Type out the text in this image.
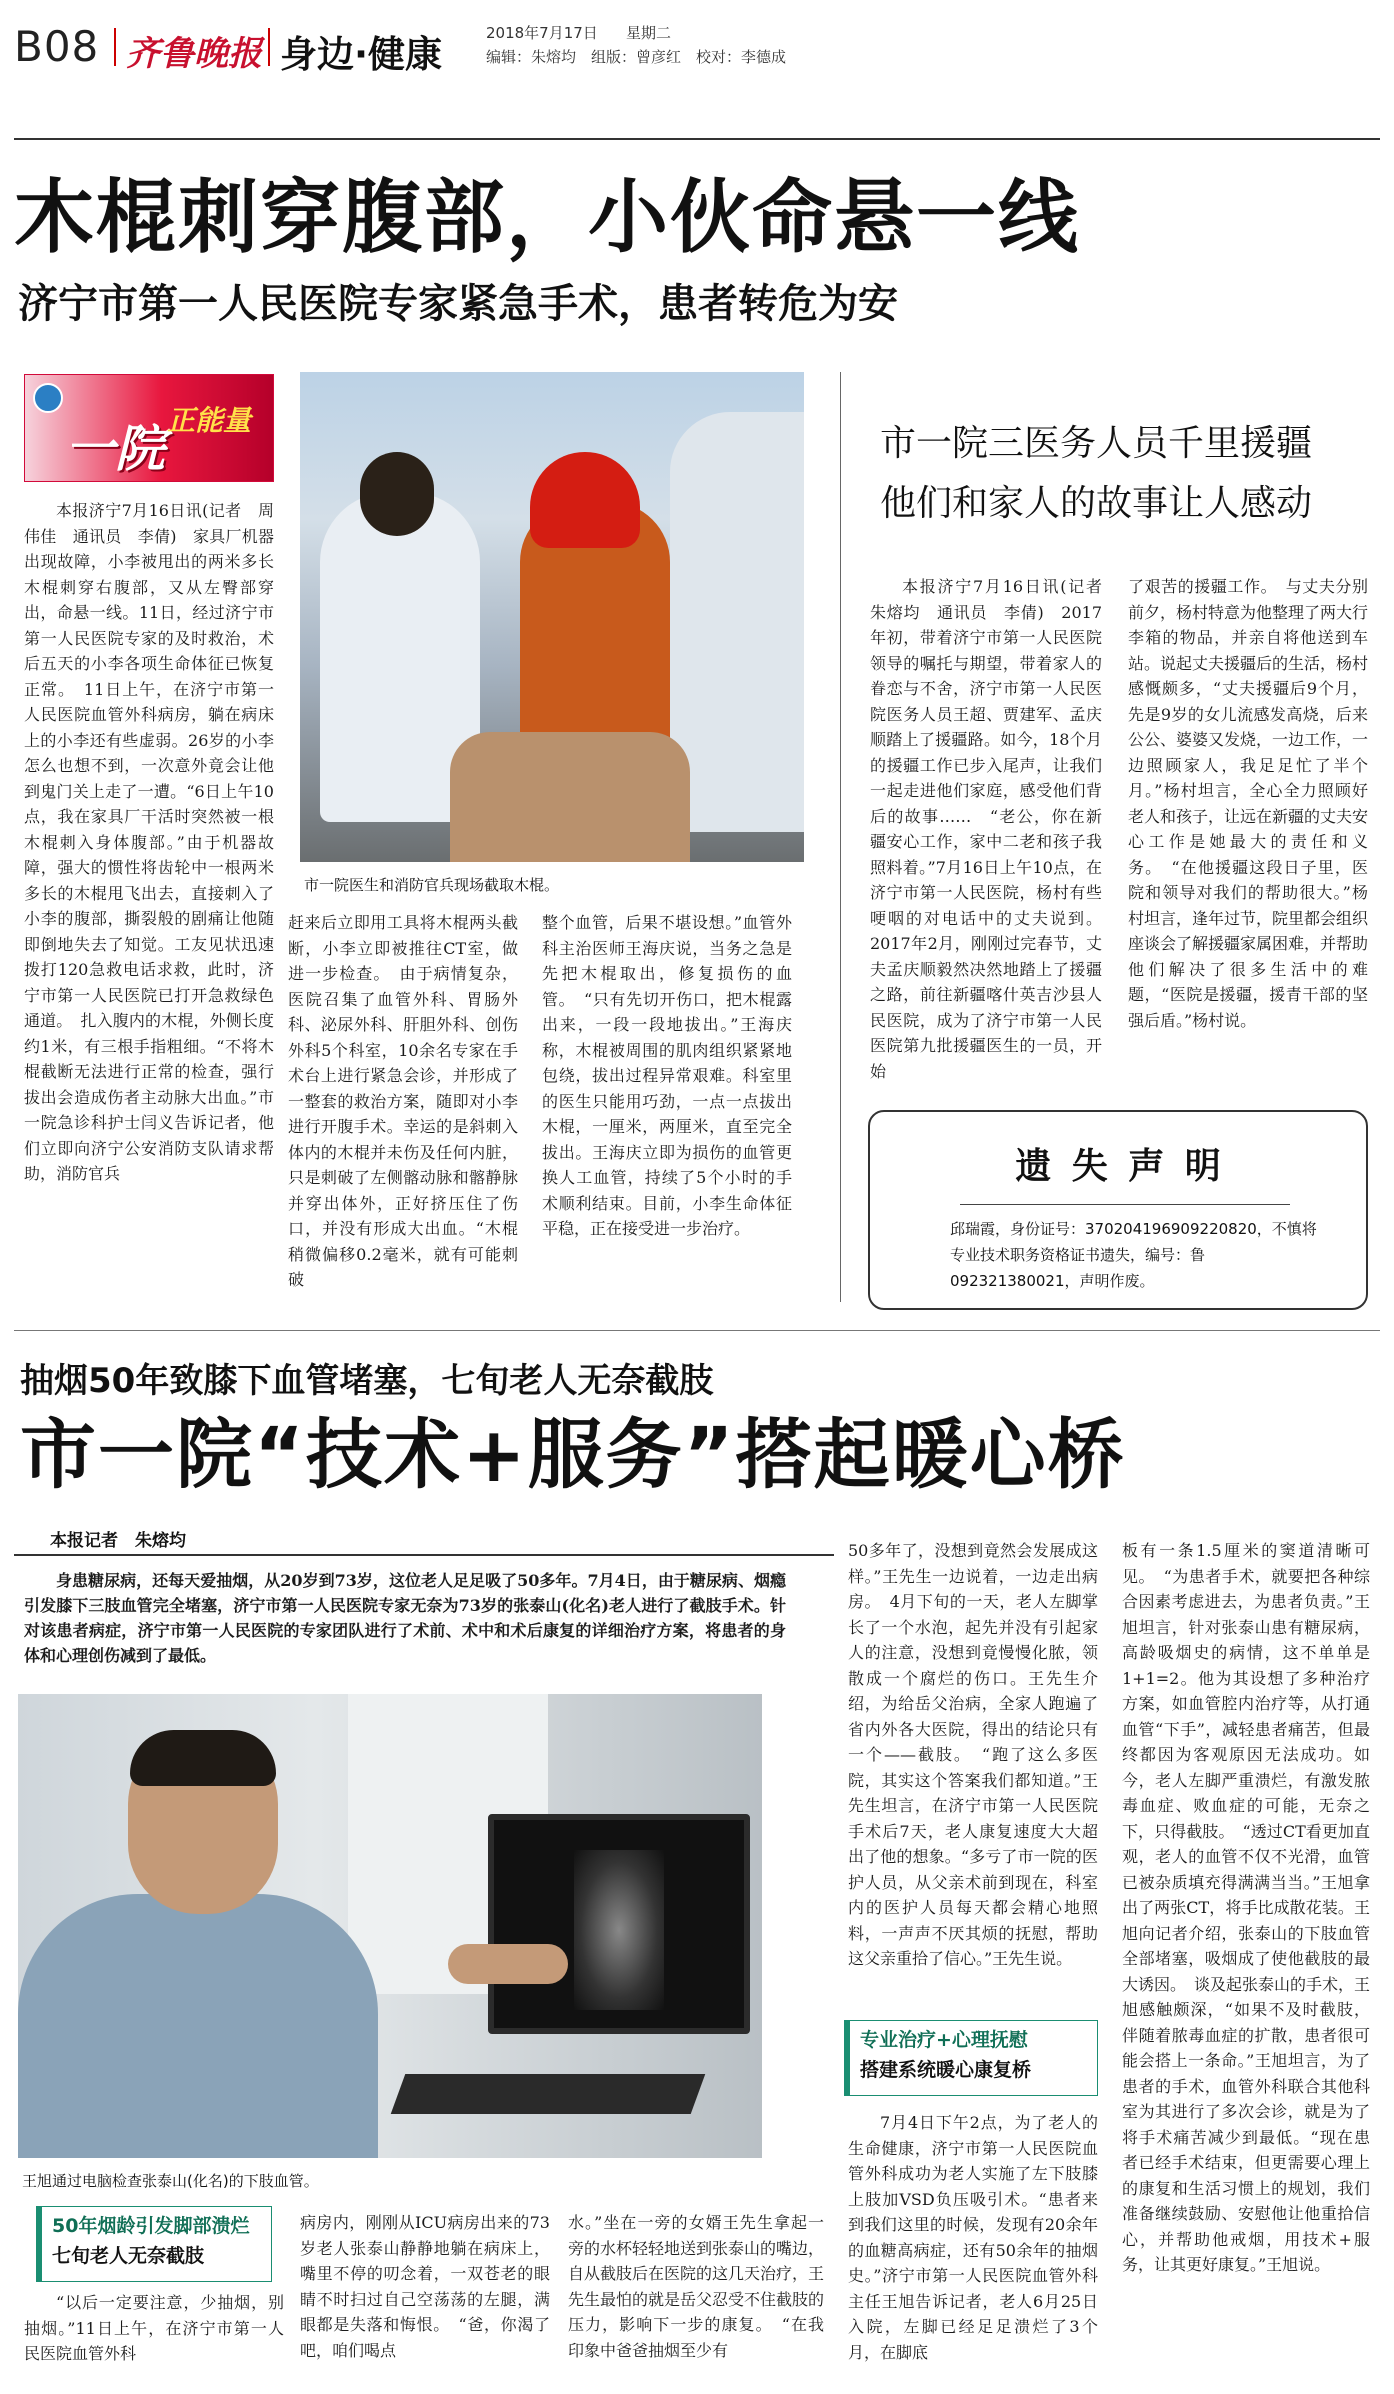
B08 齐鲁晚报 身边·健康	2018年7月17日 星期二
编辑：朱熔均　组版：曾彦红　校对：李德成
木棍刺穿腹部，小伙命悬一线
济宁市第一人民医院专家紧急手术，患者转危为安
一院 正能量
市一院医生和消防官兵现场截取木棍。

本报济宁7月16日讯(记者　周伟佳　通讯员　李倩)　家具厂机器出现故障，小李被甩出的两米多长木棍刺穿右腹部，又从左臀部穿出，命悬一线。11日，经过济宁市第一人民医院专家的及时救治，术后五天的小李各项生命体征已恢复正常。　11日上午，在济宁市第一人民医院血管外科病房，躺在病床上的小李还有些虚弱。26岁的小李怎么也想不到，一次意外竟会让他到鬼门关上走了一遭。“6日上午10点，我在家具厂干活时突然被一根木棍刺入身体腹部。”由于机器故障，强大的惯性将齿轮中一根两米多长的木棍甩飞出去，直接刺入了小李的腹部，撕裂般的剧痛让他随即倒地失去了知觉。工友见状迅速拨打120急救电话求救，此时，济宁市第一人民医院已打开急救绿色通道。　扎入腹内的木棍，外侧长度约1米，有三根手指粗细。“不将木棍截断无法进行正常的检查，强行拔出会造成伤者主动脉大出血。”市一院急诊科护士闫义告诉记者，他们立即向济宁公安消防支队请求帮助，消防官兵

赶来后立即用工具将木棍两头截断，小李立即被推往CT室，做进一步检查。　由于病情复杂，医院召集了血管外科、胃肠外科、泌尿外科、肝胆外科、创伤外科5个科室，10余名专家在手术台上进行紧急会诊，并形成了一整套的救治方案，随即对小李进行开腹手术。幸运的是斜刺入体内的木棍并未伤及任何内脏，只是刺破了左侧髂动脉和髂静脉并穿出体外，正好挤压住了伤口，并没有形成大出血。“木棍稍微偏移0.2毫米，就有可能刺破

整个血管，后果不堪设想。”血管外科主治医师王海庆说，当务之急是先把木棍取出，修复损伤的血管。　“只有先切开伤口，把木棍露出来，一段一段地拔出。”王海庆称，木棍被周围的肌肉组织紧紧地包绕，拔出过程异常艰难。科室里的医生只能用巧劲，一点一点拔出木棍，一厘米，两厘米，直至完全拔出。王海庆立即为损伤的血管更换人工血管，持续了5个小时的手术顺利结束。目前，小李生命体征平稳，正在接受进一步治疗。

市一院三医务人员千里援疆
他们和家人的故事让人感动

本报济宁7月16日讯(记者　朱熔均　通讯员　李倩)　2017年初，带着济宁市第一人民医院领导的嘱托与期望，带着家人的眷恋与不舍，济宁市第一人民医院医务人员王超、贾建军、孟庆顺踏上了援疆路。如今，18个月的援疆工作已步入尾声，让我们一起走进他们家庭，感受他们背后的故事……　“老公，你在新疆安心工作，家中二老和孩子我照料着。”7月16日上午10点，在济宁市第一人民医院，杨村有些哽咽的对电话中的丈夫说到。2017年2月，刚刚过完春节，丈夫孟庆顺毅然决然地踏上了援疆之路，前往新疆喀什英吉沙县人民医院，成为了济宁市第一人民医院第九批援疆医生的一员，开始

了艰苦的援疆工作。　与丈夫分别前夕，杨村特意为他整理了两大行李箱的物品，并亲自将他送到车站。说起丈夫援疆后的生活，杨村感慨颇多，“丈夫援疆后9个月，先是9岁的女儿流感发高烧，后来公公、婆婆又发烧，一边工作，一边照顾家人，我足足忙了半个月。”杨村坦言，全心全力照顾好老人和孩子，让远在新疆的丈夫安心工作是她最大的责任和义务。　“在他援疆这段日子里，医院和领导对我们的帮助很大。”杨村坦言，逢年过节，院里都会组织座谈会了解援疆家属困难，并帮助他们解决了很多生活中的难题，“医院是援疆，援青干部的坚强后盾。”杨村说。

遗 失 声 明
邱瑞霞，身份证号：370204196909220820，不慎将专业技术职务资格证书遗失，编号：鲁092321380021，声明作废。
抽烟50年致膝下血管堵塞，七旬老人无奈截肢
市一院“技术+服务”搭起暖心桥
本报记者　朱熔均

身患糖尿病，还每天爱抽烟，从20岁到73岁，这位老人足足吸了50多年。7月4日，由于糖尿病、烟瘾引发膝下三肢血管完全堵塞，济宁市第一人民医院专家无奈为73岁的张泰山(化名)老人进行了截肢手术。针对该患者病症，济宁市第一人民医院的专家团队进行了术前、术中和术后康复的详细治疗方案，将患者的身体和心理创伤减到了最低。

王旭通过电脑检查张泰山(化名)的下肢血管。
50年烟龄引发脚部溃烂
七旬老人无奈截肢

“以后一定要注意，少抽烟，别抽烟。”11日上午，在济宁市第一人民医院血管外科

病房内，刚刚从ICU病房出来的73岁老人张泰山静静地躺在病床上，嘴里不停的叨念着，一双苍老的眼睛不时扫过自己空荡荡的左腿，满眼都是失落和悔恨。　“爸，你渴了吧，咱们喝点

水。”坐在一旁的女婿王先生拿起一旁的水杯轻轻地送到张泰山的嘴边，自从截肢后在医院的这几天治疗，王先生最怕的就是岳父忍受不住截肢的压力，影响下一步的康复。　“在我印象中爸爸抽烟至少有

50多年了，没想到竟然会发展成这样。”王先生一边说着，一边走出病房。　4月下旬的一天，老人左脚掌长了一个水泡，起先并没有引起家人的注意，没想到竟慢慢化脓，领散成一个腐烂的伤口。王先生介绍，为给岳父治病，全家人跑遍了省内外各大医院，得出的结论只有一个——截肢。　“跑了这么多医院，其实这个答案我们都知道。”王先生坦言，在济宁市第一人民医院手术后7天，老人康复速度大大超出了他的想象。“多亏了市一院的医护人员，从父亲术前到现在，科室内的医护人员每天都会精心地照料，一声声不厌其烦的抚慰，帮助这父亲重拾了信心。”王先生说。

专业治疗+心理抚慰
搭建系统暖心康复桥

7月4日下午2点，为了老人的生命健康，济宁市第一人民医院血管外科成功为老人实施了左下肢膝上肢加VSD负压吸引术。“患者来到我们这里的时候，发现有20余年的血糖高病症，还有50余年的抽烟史。”济宁市第一人民医院血管外科主任王旭告诉记者，老人6月25日入院，左脚已经足足溃烂了3个月，在脚底

板有一条1.5厘米的窦道清晰可见。　“为患者手术，就要把各种综合因素考虑进去，为患者负责。”王旭坦言，针对张泰山患有糖尿病，高龄吸烟史的病情，这不单单是1+1=2。他为其设想了多种治疗方案，如血管腔内治疗等，从打通血管“下手”，减轻患者痛苦，但最终都因为客观原因无法成功。如今，老人左脚严重溃烂，有激发脓毒血症、败血症的可能，无奈之下，只得截肢。　“透过CT看更加直观，老人的血管不仅不光滑，血管已被杂质填充得满满当当。”王旭拿出了两张CT，将手比成散花装。王旭向记者介绍，张泰山的下肢血管全部堵塞，吸烟成了使他截肢的最大诱因。　谈及起张泰山的手术，王旭感触颇深，“如果不及时截肢，伴随着脓毒血症的扩散，患者很可能会搭上一条命。”王旭坦言，为了患者的手术，血管外科联合其他科室为其进行了多次会诊，就是为了将手术痛苦减少到最低。“现在患者已经手术结束，但更需要心理上的康复和生活习惯上的规划，我们准备继续鼓励、安慰他让他重拾信心，并帮助他戒烟，用技术+服务，让其更好康复。”王旭说。
